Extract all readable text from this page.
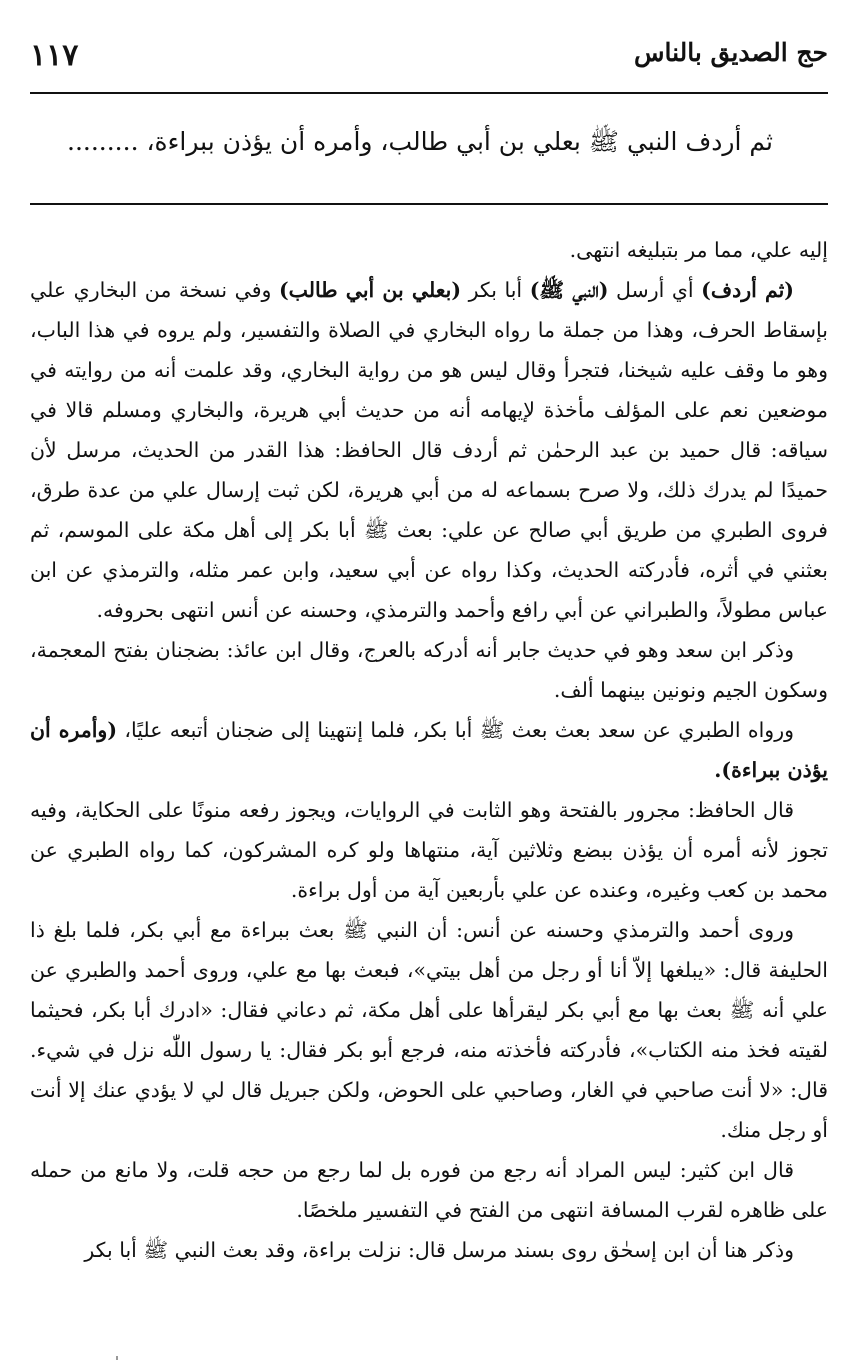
حج الصديق بالناس
١١٧
ثم أردف النبي ﷺ بعلي بن أبي طالب، وأمره أن يؤذن ببراءة، .........

إليه علي، مما مر بتبليغه انتهى.

(ثم أردف) أي أرسل (النبي ﷺ) أبا بكر (بعلي بن أبي طالب) وفي نسخة من البخاري علي بإسقاط الحرف، وهذا من جملة ما رواه البخاري في الصلاة والتفسير، ولم يروه في هذا الباب، وهو ما وقف عليه شيخنا، فتجرأ وقال ليس هو من رواية البخاري، وقد علمت أنه من روايته في موضعين نعم على المؤلف مأخذة لإيهامه أنه من حديث أبي هريرة، والبخاري ومسلم قالا في سياقه: قال حميد بن عبد الرحمٰن ثم أردف قال الحافظ: هذا القدر من الحديث، مرسل لأن حميدًا لم يدرك ذلك، ولا صرح بسماعه له من أبي هريرة، لكن ثبت إرسال علي من عدة طرق، فروى الطبري من طريق أبي صالح عن علي: بعث ﷺ أبا بكر إلى أهل مكة على الموسم، ثم بعثني في أثره، فأدركته الحديث، وكذا رواه عن أبي سعيد، وابن عمر مثله، والترمذي عن ابن عباس مطولاً، والطبراني عن أبي رافع وأحمد والترمذي، وحسنه عن أنس انتهى بحروفه.

وذكر ابن سعد وهو في حديث جابر أنه أدركه بالعرج، وقال ابن عائذ: بضجنان بفتح المعجمة، وسكون الجيم ونونين بينهما ألف.

ورواه الطبري عن سعد بعث بعث ﷺ أبا بكر، فلما إنتهينا إلى ضجنان أتبعه عليًا، (وأمره أن يؤذن ببراءة).

قال الحافظ: مجرور بالفتحة وهو الثابت في الروايات، ويجوز رفعه منونًا على الحكاية، وفيه تجوز لأنه أمره أن يؤذن ببضع وثلاثين آية، منتهاها ولو كره المشركون، كما رواه الطبري عن محمد بن كعب وغيره، وعنده عن علي بأربعين آية من أول براءة.

وروى أحمد والترمذي وحسنه عن أنس: أن النبي ﷺ بعث ببراءة مع أبي بكر، فلما بلغ ذا الحليفة قال: «يبلغها إلاّ أنا أو رجل من أهل بيتي»، فبعث بها مع علي، وروى أحمد والطبري عن علي أنه ﷺ بعث بها مع أبي بكر ليقرأها على أهل مكة، ثم دعاني فقال: «ادرك أبا بكر، فحيثما لقيته فخذ منه الكتاب»، فأدركته فأخذته منه، فرجع أبو بكر فقال: يا رسول اللّٰه نزل في شيء. قال: «لا أنت صاحبي في الغار، وصاحبي على الحوض، ولكن جبريل قال لي لا يؤدي عنك إلا أنت أو رجل منك.

قال ابن كثير: ليس المراد أنه رجع من فوره بل لما رجع من حجه قلت، ولا مانع من حمله على ظاهره لقرب المسافة انتهى من الفتح في التفسير ملخصًا.

وذكر هنا أن ابن إسحٰق روى بسند مرسل قال: نزلت براءة، وقد بعث النبي ﷺ أبا بكر
